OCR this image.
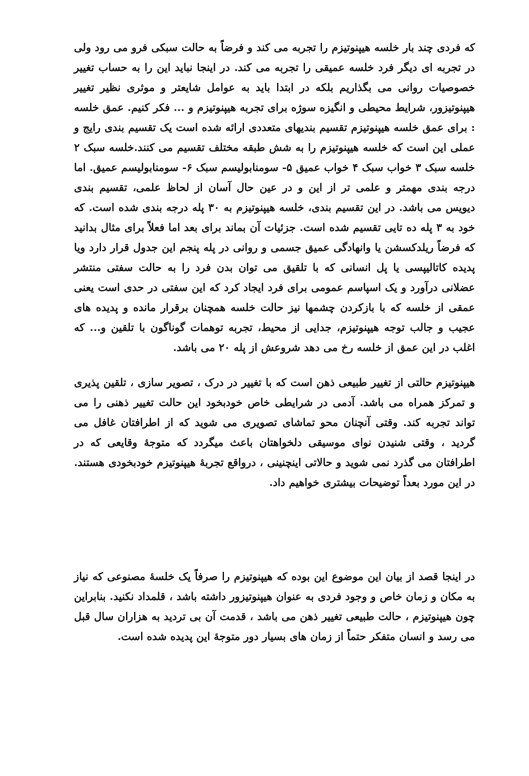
که فردی چند بار خلسه هیپنوتیزم را تجربه می کند و فرضاً به حالت سبکی فرو می رود ولی در تجربه ای دیگر فرد خلسه عمیقی را تجربه می کند. در اینجا نباید این را به حساب تغییر خصوصیات روانی می بگذاریم بلکه در ابتدا باید به عوامل شایعتر و موثری نظیر تغییر هیپنوتیزور، شرایط محیطی و انگیزه سوژه برای تجربه هیپنوتیزم و ... فکر کنیم. عمق خلسه : برای عمق خلسه هیپنوتیزم تقسیم بندیهای متعددی ارائه شده است یک تقسیم بندی رایج و عملی این است که خلسه هیپنوتیزم را به شش طبقه مختلف تقسیم می کنند.خلسه سبک ۲ خلسه سبک ۳ خواب سبک ۴ خواب عمیق ۵- سومنابولیسم سبک ۶- سومنابولیسم عمیق. اما درجه بندی مهمتر و علمی تر از این و در عین حال آسان از لحاظ علمی، تقسیم بندی دیویس می باشد. در این تقسیم بندی، خلسه هیپنوتیزم به ۳۰ پله درجه بندی شده است. که خود به ۳ پله ده تایی تقسیم شده است. جزئیات آن بماند برای بعد اما فعلاً برای مثال بدانید که فرضاً ریلدکسشن یا وانهادگی عمیق جسمی و روانی در پله پنجم این جدول قرار دارد ویا پدیده کاتالیپسی یا پل انسانی که با تلقیق می توان بدن فرد را به حالت سفتی منتشر عضلانی درآورد و یک اسپاسم عمومی برای فرد ایجاد کرد که این سفتی در حدی است یعنی عمقی از خلسه که با بازکردن چشمها نیز حالت خلسه همچنان برقرار مانده و پدیده های عجیب و جالب توجه هیپنوتیزم، جدایی از محیط، تجربه توهمات گوناگون با تلقین و... که اغلب در این عمق از خلسه رخ می دهد شروعش از پله ۲۰ می باشد.

هیپنوتیزم حالتی از تغییر طبیعی ذهن است که با تغییر در درک ، تصویر سازی ، تلقین پذیری و تمرکز همراه می باشد. آدمی در شرایطی خاص خودبخود این حالت تغییر ذهنی را می تواند تجربه کند. وقتی آنچنان محو تماشای تصویری می شوید که از اطرافتان غافل می گردید ، وقتی شنیدن نوای موسیقی دلخواهتان باعث میگردد که متوجهٔ وقایعی که در اطرافتان می گذرد نمی شوید و حالاتی اینچنینی ، درواقع تجربهٔ هیپنوتیزم خودبخودی هستند. در این مورد بعداً توضیحات بیشتری خواهیم داد.

در اینجا قصد از بیان این موضوع این بوده که هیپنوتیزم را صرفاً یک خلسهٔ مصنوعی که نیاز به مکان و زمان خاص و وجود فردی به عنوان هیپنوتیزور داشته باشد ، قلمداد نکنید. بنابراین چون هیپنوتیزم ، حالت طبیعی تغییر ذهن می باشد ، قدمت آن بی تردید به هزاران سال قبل می رسد و انسان متفکر حتماً از زمان های بسیار دور متوجهٔ این پدیده شده است.
